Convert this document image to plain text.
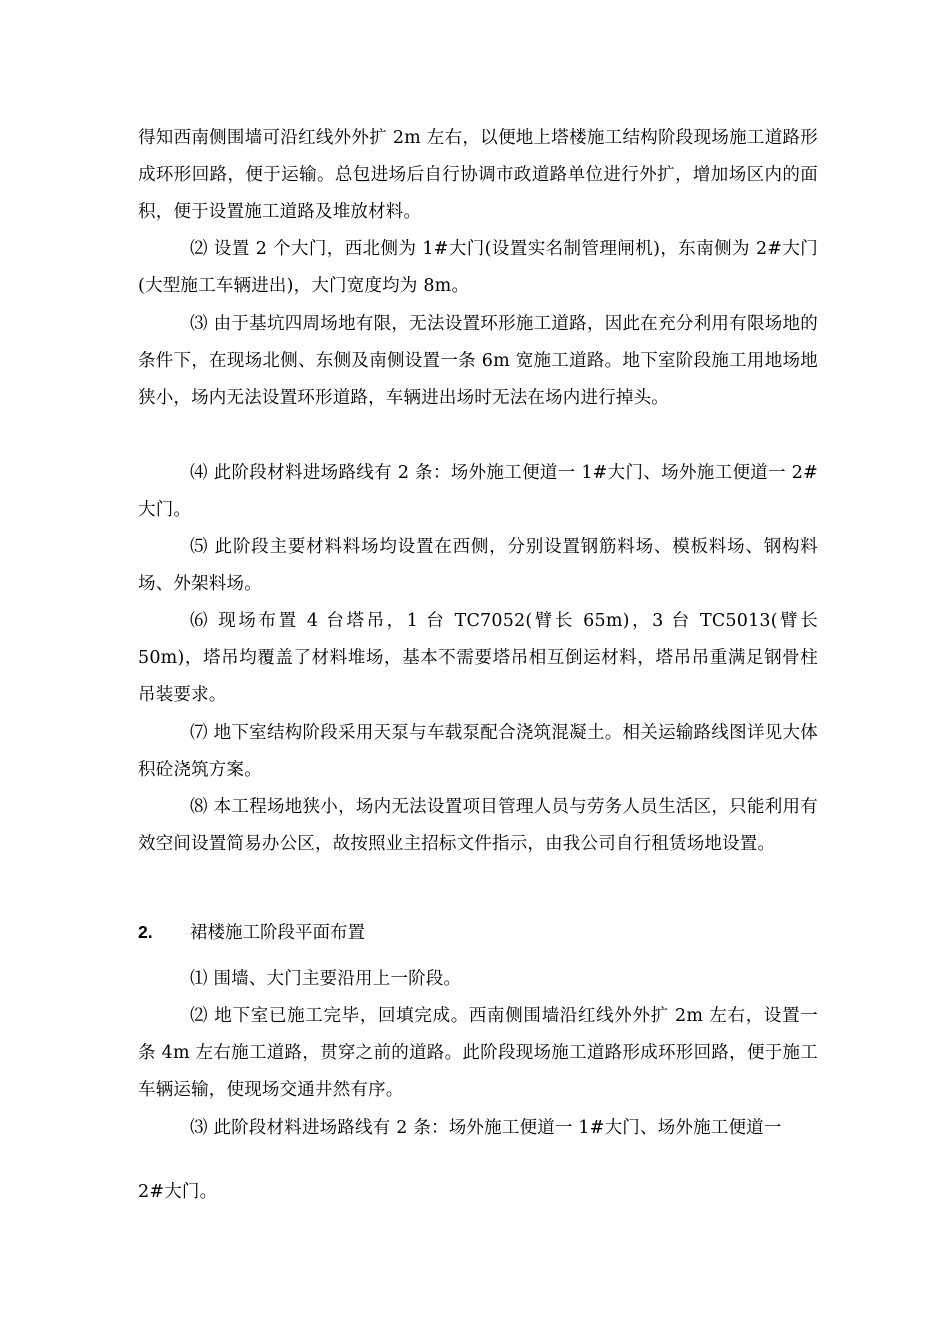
得知西南侧围墙可沿红线外外扩 2m 左右，以便地上塔楼施工结构阶段现场施工道路形成环形回路，便于运输。总包进场后自行协调市政道路单位进行外扩，增加场区内的面积，便于设置施工道路及堆放材料。

⑵ 设置 2 个大门，西北侧为 1#大门(设置实名制管理闸机)，东南侧为 2#大门(大型施工车辆进出)，大门宽度均为 8m。

⑶ 由于基坑四周场地有限，无法设置环形施工道路，因此在充分利用有限场地的条件下，在现场北侧、东侧及南侧设置一条 6m 宽施工道路。地下室阶段施工用地场地狭小，场内无法设置环形道路，车辆进出场时无法在场内进行掉头。

⑷ 此阶段材料进场路线有 2 条：场外施工便道一 1#大门、场外施工便道一 2#大门。

⑸ 此阶段主要材料料场均设置在西侧，分别设置钢筋料场、模板料场、钢构料场、外架料场。

⑹ 现场布置 4 台塔吊，1 台 TC7052(臂长 65m)，3 台 TC5013(臂长 50m)，塔吊均覆盖了材料堆场，基本不需要塔吊相互倒运材料，塔吊吊重满足钢骨柱吊装要求。

⑺ 地下室结构阶段采用天泵与车载泵配合浇筑混凝土。相关运输路线图详见大体积砼浇筑方案。

⑻ 本工程场地狭小，场内无法设置项目管理人员与劳务人员生活区，只能利用有效空间设置简易办公区，故按照业主招标文件指示，由我公司自行租赁场地设置。

2. 裙楼施工阶段平面布置

⑴ 围墙、大门主要沿用上一阶段。

⑵ 地下室已施工完毕，回填完成。西南侧围墙沿红线外外扩 2m 左右，设置一条 4m 左右施工道路，贯穿之前的道路。此阶段现场施工道路形成环形回路，便于施工车辆运输，使现场交通井然有序。

⑶ 此阶段材料进场路线有 2 条：场外施工便道一 1#大门、场外施工便道一

2#大门。
